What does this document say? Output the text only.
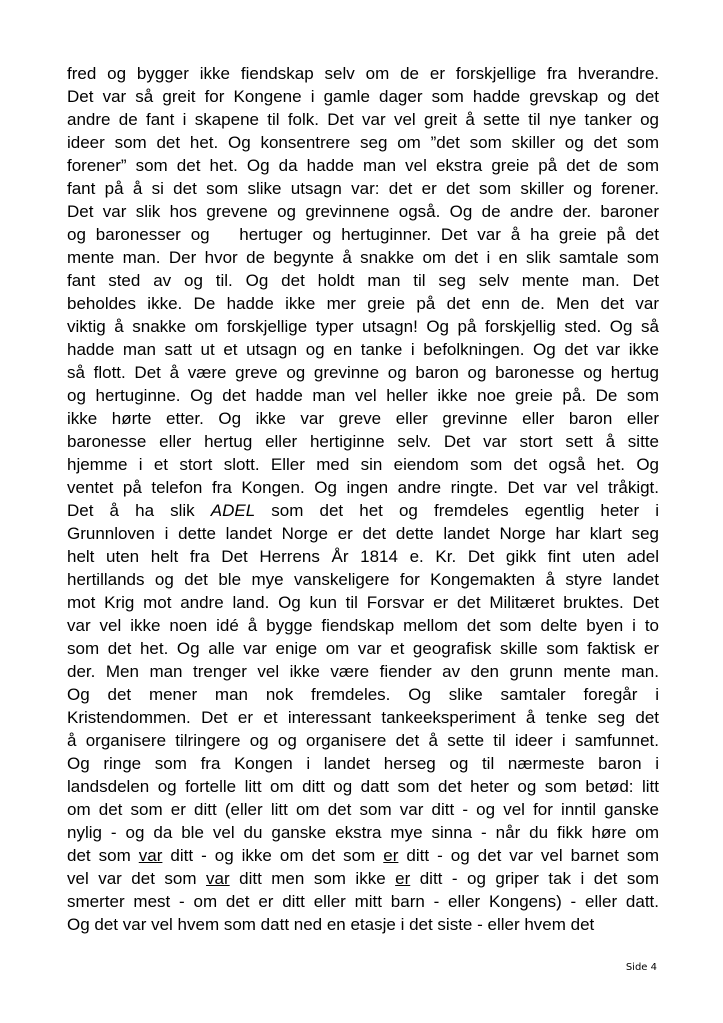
fred og bygger ikke fiendskap selv om de er forskjellige fra hverandre.
Det var så greit for Kongene i gamle dager som hadde grevskap og det
andre de fant i skapene til folk. Det var vel greit å sette til nye tanker og
ideer som det het. Og konsentrere seg om ”det som skiller og det som
forener” som det het. Og da hadde man vel ekstra greie på det de som
fant på å si det som slike utsagn var: det er det som skiller og forener.
Det var slik hos grevene og grevinnene også. Og de andre der. baroner
og baronesser og   hertuger og hertuginner. Det var å ha greie på det
mente man. Der hvor de begynte å snakke om det i en slik samtale som
fant sted av og til. Og det holdt man til seg selv mente man. Det
beholdes ikke. De hadde ikke mer greie på det enn de. Men det var
viktig å snakke om forskjellige typer utsagn! Og på forskjellig sted. Og så
hadde man satt ut et utsagn og en tanke i befolkningen. Og det var ikke
så flott. Det å være greve og grevinne og baron og baronesse og hertug
og hertuginne. Og det hadde man vel heller ikke noe greie på. De som
ikke hørte etter. Og ikke var greve eller grevinne eller baron eller
baronesse eller hertug eller hertiginne selv. Det var stort sett å sitte
hjemme i et stort slott. Eller med sin eiendom som det også het. Og
ventet på telefon fra Kongen. Og ingen andre ringte. Det var vel tråkigt.
Det å ha slik ADEL som det het og fremdeles egentlig heter i
Grunnloven i dette landet Norge er det dette landet Norge har klart seg
helt uten helt fra Det Herrens År 1814 e. Kr. Det gikk fint uten adel
hertillands og det ble mye vanskeligere for Kongemakten å styre landet
mot Krig mot andre land. Og kun til Forsvar er det Militæret bruktes. Det
var vel ikke noen idé å bygge fiendskap mellom det som delte byen i to
som det het. Og alle var enige om var et geografisk skille som faktisk er
der. Men man trenger vel ikke være fiender av den grunn mente man.
Og det mener man nok fremdeles. Og slike samtaler foregår i
Kristendommen. Det er et interessant tankeeksperiment å tenke seg det
å organisere tilringere og og organisere det å sette til ideer i samfunnet.
Og ringe som fra Kongen i landet herseg og til nærmeste baron i
landsdelen og fortelle litt om ditt og datt som det heter og som betød: litt
om det som er ditt (eller litt om det som var ditt - og vel for inntil ganske
nylig - og da ble vel du ganske ekstra mye sinna - når du fikk høre om
det som var ditt - og ikke om det som er ditt - og det var vel barnet som
vel var det som var ditt men som ikke er ditt - og griper tak i det som
smerter mest - om det er ditt eller mitt barn - eller Kongens) - eller datt.
Og det var vel hvem som datt ned en etasje i det siste - eller hvem det

Side 4
